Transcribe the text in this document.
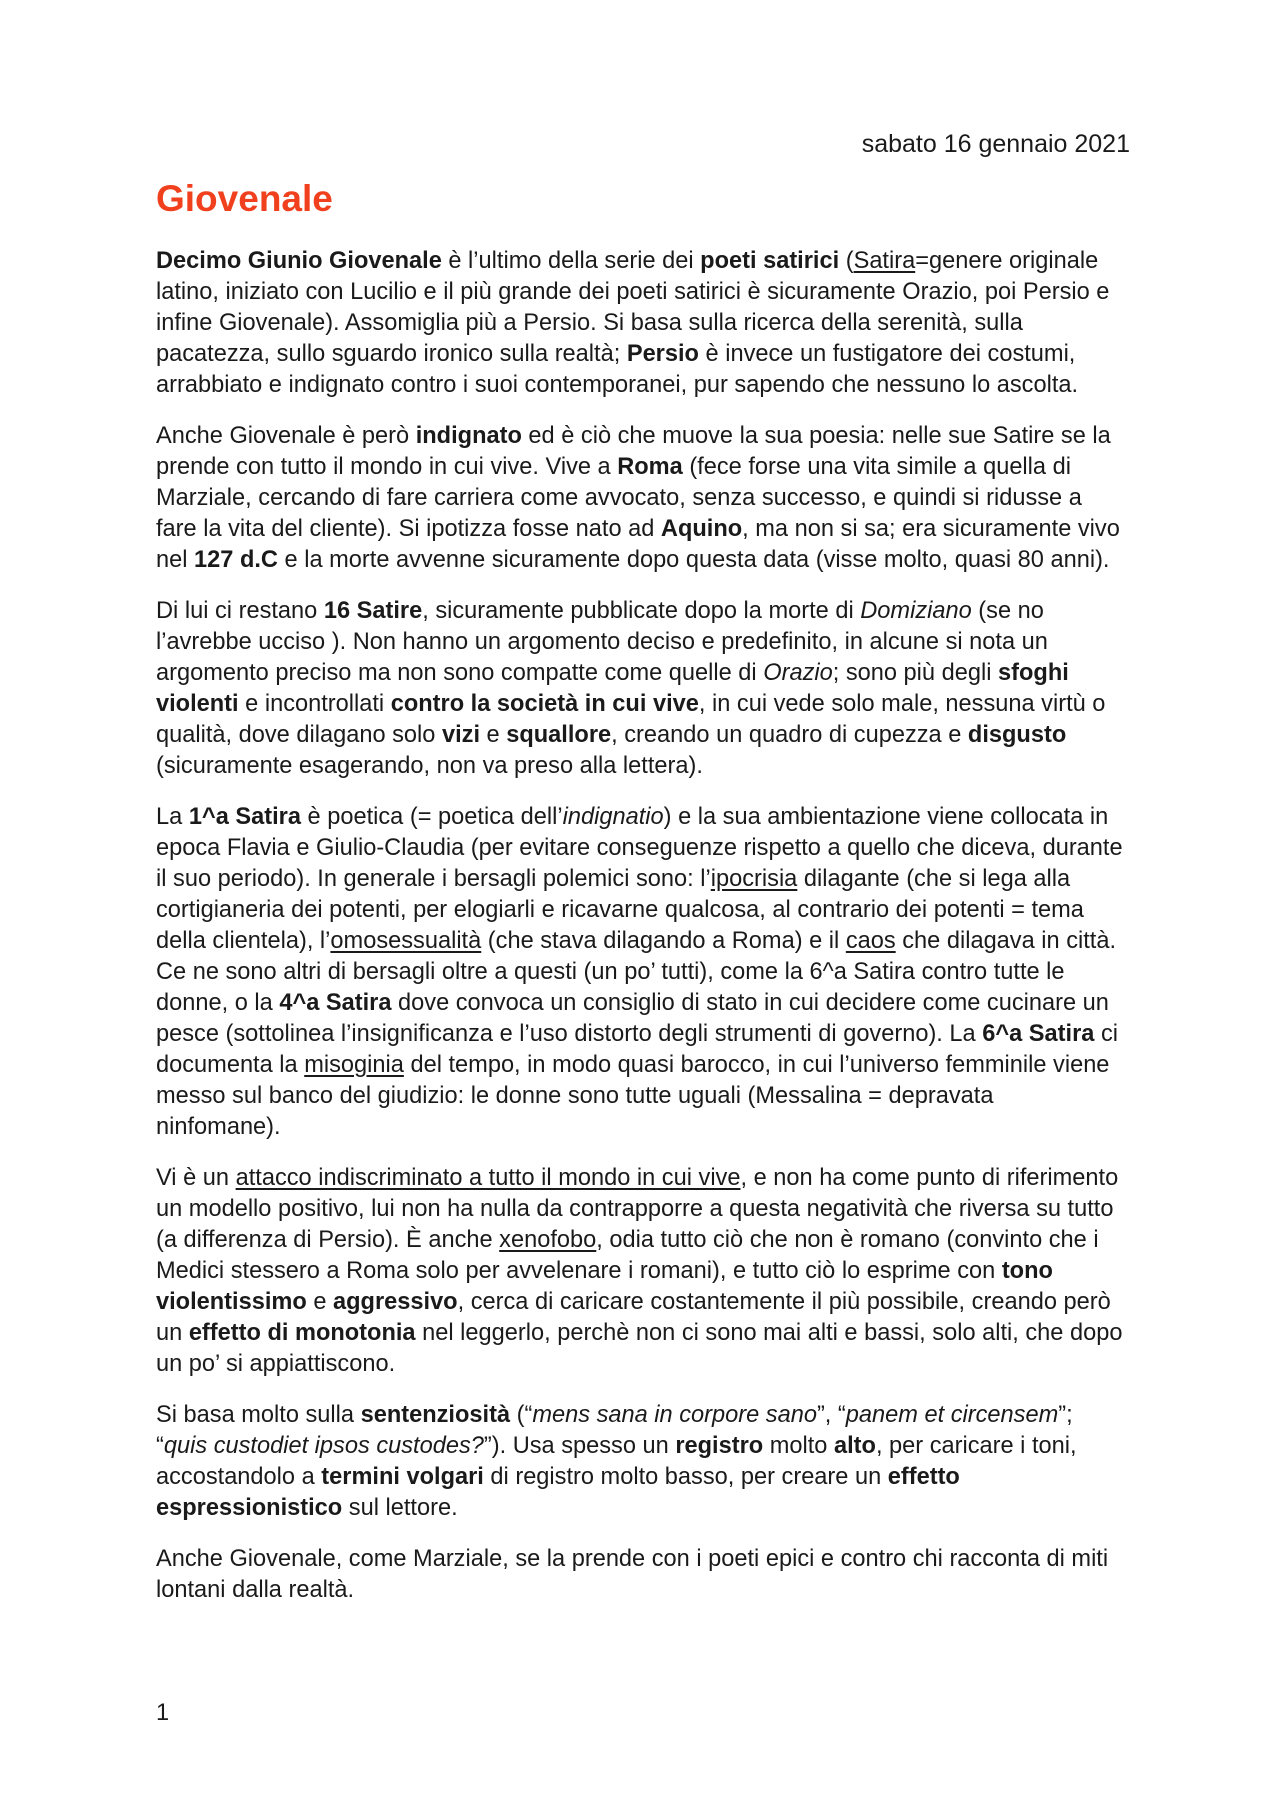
sabato 16 gennaio 2021
Giovenale

Decimo Giunio Giovenale è l’ultimo della serie dei poeti satirici (Satira=genere originale latino, iniziato con Lucilio e il più grande dei poeti satirici è sicuramente Orazio, poi Persio e infine Giovenale). Assomiglia più a Persio. Si basa sulla ricerca della serenità, sulla pacatezza, sullo sguardo ironico sulla realtà; Persio è invece un fustigatore dei costumi, arrabbiato e indignato contro i suoi contemporanei, pur sapendo che nessuno lo ascolta.

Anche Giovenale è però indignato ed è ciò che muove la sua poesia: nelle sue Satire se la prende con tutto il mondo in cui vive. Vive a Roma (fece forse una vita simile a quella di Marziale, cercando di fare carriera come avvocato, senza successo, e quindi si ridusse a fare la vita del cliente). Si ipotizza fosse nato ad Aquino, ma non si sa; era sicuramente vivo nel 127 d.C e la morte avvenne sicuramente dopo questa data (visse molto, quasi 80 anni).

Di lui ci restano 16 Satire, sicuramente pubblicate dopo la morte di Domiziano (se no l’avrebbe ucciso ). Non hanno un argomento deciso e predefinito, in alcune si nota un argomento preciso ma non sono compatte come quelle di Orazio; sono più degli sfoghi violenti e incontrollati contro la società in cui vive, in cui vede solo male, nessuna virtù o qualità, dove dilagano solo vizi e squallore, creando un quadro di cupezza e disgusto (sicuramente esagerando, non va preso alla lettera).

La 1^a Satira è poetica (= poetica dell’indignatio) e la sua ambientazione viene collocata in epoca Flavia e Giulio-Claudia (per evitare conseguenze rispetto a quello che diceva, durante il suo periodo). In generale i bersagli polemici sono: l’ipocrisia dilagante (che si lega alla cortigianeria dei potenti, per elogiarli e ricavarne qualcosa, al contrario dei potenti = tema della clientela), l’omosessualità (che stava dilagando a Roma) e il caos che dilagava in città. Ce ne sono altri di bersagli oltre a questi (un po’ tutti), come la 6^a Satira contro tutte le donne, o la 4^a Satira dove convoca un consiglio di stato in cui decidere come cucinare un pesce (sottolinea l’insignificanza e l’uso distorto degli strumenti di governo). La 6^a Satira ci documenta la misoginia del tempo, in modo quasi barocco, in cui l’universo femminile viene messo sul banco del giudizio: le donne sono tutte uguali (Messalina = depravata ninfomane).

Vi è un attacco indiscriminato a tutto il mondo in cui vive, e non ha come punto di riferimento un modello positivo, lui non ha nulla da contrapporre a questa negatività che riversa su tutto (a differenza di Persio). È anche xenofobo, odia tutto ciò che non è romano (convinto che i Medici stessero a Roma solo per avvelenare i romani), e tutto ciò lo esprime con tono violentissimo e aggressivo, cerca di caricare costantemente il più possibile, creando però un effetto di monotonia nel leggerlo, perchè non ci sono mai alti e bassi, solo alti, che dopo un po’ si appiattiscono.

Si basa molto sulla sentenziosità (“mens sana in corpore sano”, “panem et circensem”; “quis custodiet ipsos custodes?”). Usa spesso un registro molto alto, per caricare i toni, accostandolo a termini volgari di registro molto basso, per creare un effetto espressionistico sul lettore.

Anche Giovenale, come Marziale, se la prende con i poeti epici e contro chi racconta di miti lontani dalla realtà.

1
